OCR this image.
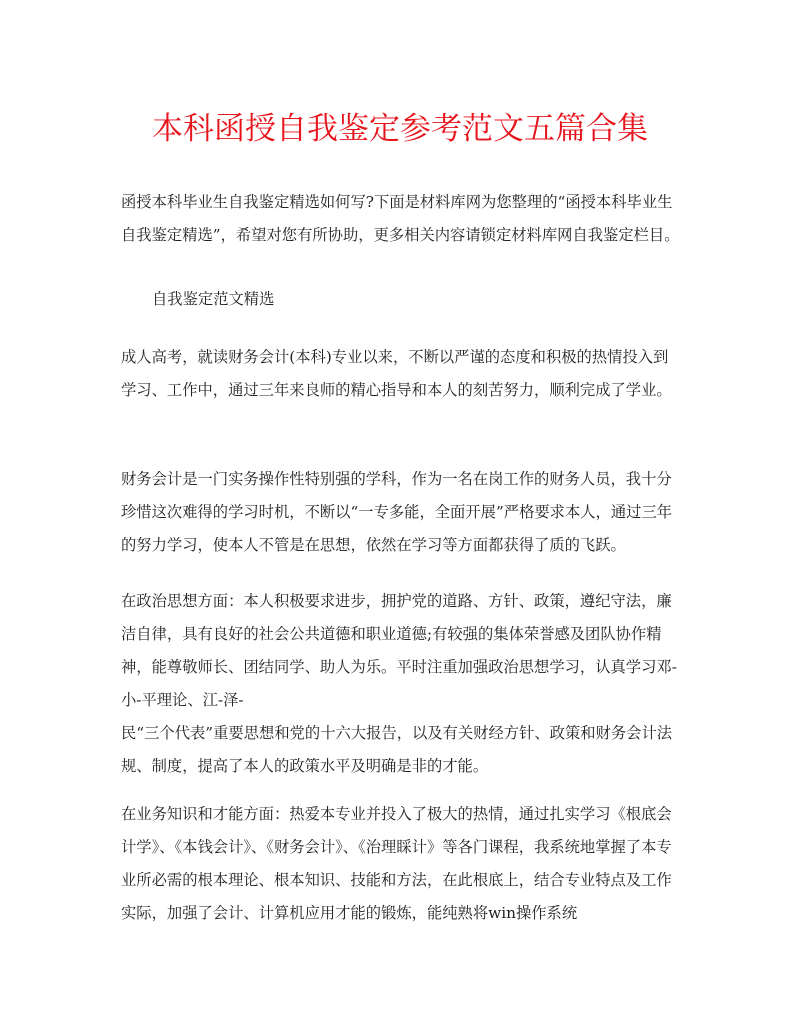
本科函授自我鉴定参考范文五篇合集

函授本科毕业生自我鉴定精选如何写?下面是材料库网为您整理的“函授本科毕业生自我鉴定精选”，希望对您有所协助，更多相关内容请锁定材料库网自我鉴定栏目。

自我鉴定范文精选

成人高考，就读财务会计(本科)专业以来，不断以严谨的态度和积极的热情投入到学习、工作中，通过三年来良师的精心指导和本人的刻苦努力，顺利完成了学业。

财务会计是一门实务操作性特别强的学科，作为一名在岗工作的财务人员，我十分珍惜这次难得的学习时机，不断以“一专多能，全面开展”严格要求本人，通过三年的努力学习，使本人不管是在思想，依然在学习等方面都获得了质的飞跃。

在政治思想方面：本人积极要求进步，拥护党的道路、方针、政策，遵纪守法，廉洁自律，具有良好的社会公共道德和职业道德;有较强的集体荣誉感及团队协作精神，能尊敬师长、团结同学、助人为乐。平时注重加强政治思想学习，认真学习邓-小-平理论、江-泽-
民“三个代表”重要思想和党的十六大报告，以及有关财经方针、政策和财务会计法规、制度，提高了本人的政策水平及明确是非的才能。

在业务知识和才能方面：热爱本专业并投入了极大的热情，通过扎实学习《根底会计学》、《本钱会计》、《财务会计》、《治理睬计》等各门课程，我系统地掌握了本专业所必需的根本理论、根本知识、技能和方法，在此根底上，结合专业特点及工作实际，加强了会计、计算机应用才能的锻炼，能纯熟将win操作系统
